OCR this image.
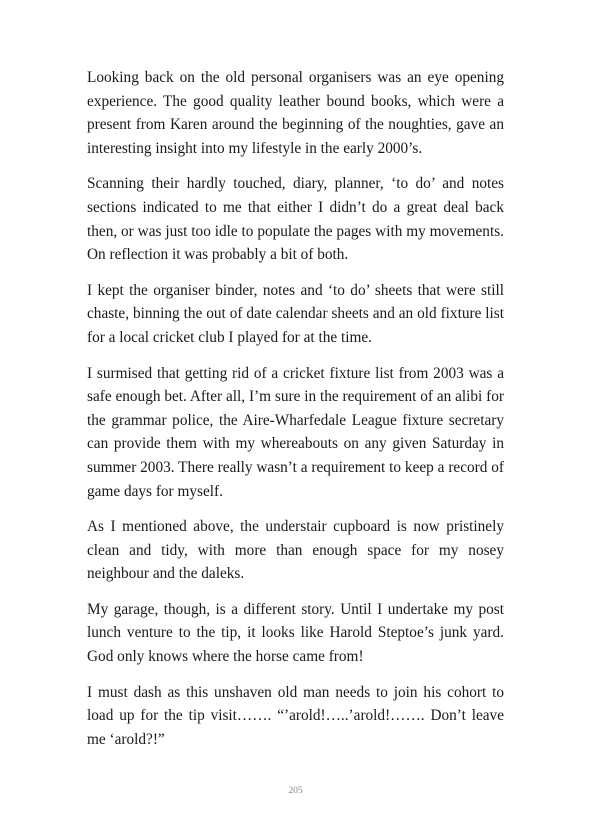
Looking back on the old personal organisers was an eye opening experience. The good quality leather bound books, which were a present from Karen around the beginning of the noughties, gave an interesting insight into my lifestyle in the early 2000’s.

Scanning their hardly touched, diary, planner, ‘to do’ and notes sections indicated to me that either I didn’t do a great deal back then, or was just too idle to populate the pages with my movements. On reflection it was probably a bit of both.

I kept the organiser binder, notes and ‘to do’ sheets that were still chaste, binning the out of date calendar sheets and an old fixture list for a local cricket club I played for at the time.

I surmised that getting rid of a cricket fixture list from 2003 was a safe enough bet. After all, I’m sure in the requirement of an alibi for the grammar police, the Aire-Wharfedale League fixture secretary can provide them with my whereabouts on any given Saturday in summer 2003. There really wasn’t a requirement to keep a record of game days for myself.

As I mentioned above, the understair cupboard is now pristinely clean and tidy, with more than enough space for my nosey neighbour and the daleks.

My garage, though, is a different story. Until I undertake my post lunch venture to the tip, it looks like Harold Steptoe’s junk yard. God only knows where the horse came from!

I must dash as this unshaven old man needs to join his cohort to load up for the tip visit……. “’arold!…..’arold!……. Don’t leave me ‘arold?!”

205
